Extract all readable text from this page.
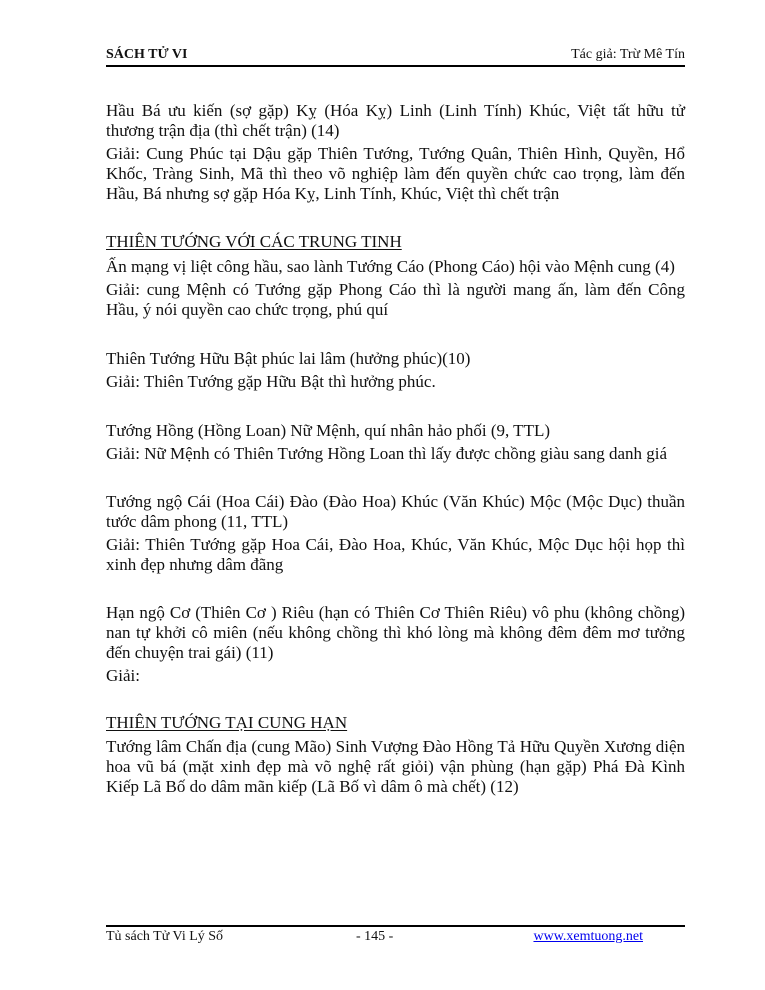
SÁCH TỬ VI	Tác giả: Trừ Mê Tín

Hầu Bá ưu kiến (sợ gặp) Kỵ (Hóa Kỵ) Linh (Linh Tính) Khúc, Việt tất hữu tử thương trận địa (thì chết trận) (14)

Giải: Cung Phúc tại Dậu gặp Thiên Tướng, Tướng Quân, Thiên Hình, Quyền, Hổ Khốc, Tràng Sinh, Mã thì theo võ nghiệp làm đến quyền chức cao trọng, làm đến Hầu, Bá nhưng sợ gặp Hóa Kỵ, Linh Tính, Khúc, Việt thì chết trận

THIÊN TƯỚNG VỚI CÁC TRUNG TINH

Ấn mạng vị liệt công hầu, sao lành Tướng Cáo (Phong Cáo) hội vào Mệnh cung (4)

Giải: cung Mệnh có Tướng gặp Phong Cáo thì là người mang ấn, làm đến Công Hầu, ý nói quyền cao chức trọng, phú quí

Thiên Tướng Hữu Bật phúc lai lâm (hưởng phúc)(10)

Giải: Thiên Tướng gặp Hữu Bật thì hưởng phúc.

Tướng Hồng (Hồng Loan) Nữ Mệnh, quí nhân hảo phối (9, TTL)

Giải: Nữ Mệnh có Thiên Tướng Hồng Loan thì lấy được chồng giàu sang danh giá

Tướng ngộ Cái (Hoa Cái) Đào (Đào Hoa) Khúc (Văn Khúc) Mộc (Mộc Dục) thuần tước dâm phong (11, TTL)

Giải: Thiên Tướng gặp Hoa Cái, Đào Hoa, Khúc, Văn Khúc, Mộc Dục hội họp thì xinh đẹp nhưng dâm đãng

Hạn ngộ Cơ (Thiên Cơ ) Riêu (hạn có Thiên Cơ Thiên Riêu) vô phu (không chồng) nan tự khởi cô miên (nếu không chồng thì khó lòng mà không đêm đêm mơ tưởng đến chuyện trai gái) (11)

Giải:

THIÊN TƯỚNG TẠI CUNG HẠN

Tướng lâm Chấn địa (cung Mão) Sinh Vượng Đào Hồng Tả Hữu Quyền Xương diện hoa vũ bá (mặt xinh đẹp mà võ nghệ rất giỏi) vận phùng (hạn gặp) Phá Đà Kình Kiếp Lã Bố do dâm mãn kiếp (Lã Bố vì dâm ô mà chết) (12)

Tủ sách Tử Vi Lý Số	- 145 -	www.xemtuong.net
